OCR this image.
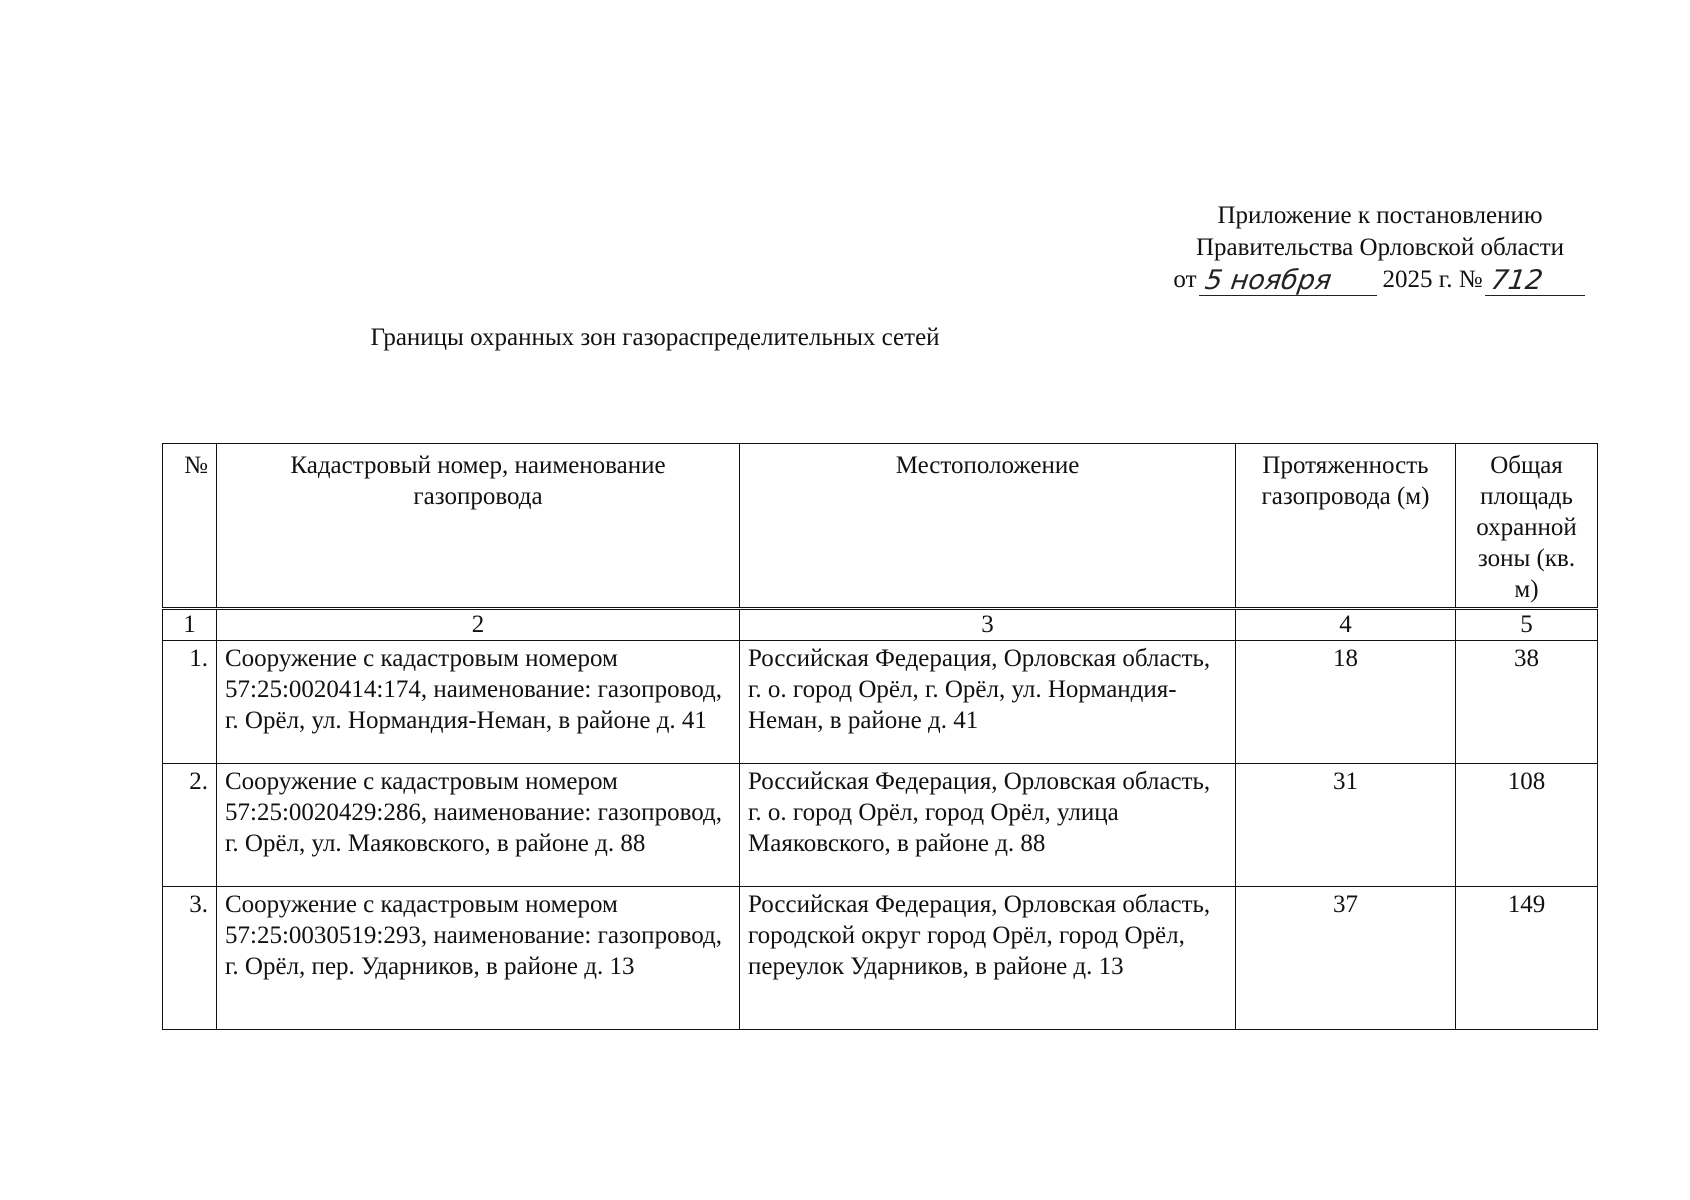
Приложение к постановлению
Правительства Орловской области
от 5 ноября	2025 г. № 712
Границы охранных зон газораспределительных сетей
№	Кадастровый номер, наименование газопровода	Местоположение	Протяженность газопровода (м)	Общая площадь охранной зоны (кв. м)
1	2	3	4	5
1.	Сооружение с кадастровым номером 57:25:0020414:174, наименование: газопровод, г. Орёл, ул. Нормандия-Неман, в районе д. 41	Российская Федерация, Орловская область, г. о. город Орёл, г. Орёл, ул. Нормандия-Неман, в районе д. 41	18	38
2.	Сооружение с кадастровым номером 57:25:0020429:286, наименование: газопровод, г. Орёл, ул. Маяковского, в районе д. 88	Российская Федерация, Орловская область, г. о. город Орёл, город Орёл, улица Маяковского, в районе д. 88	31	108
3.	Сооружение с кадастровым номером 57:25:0030519:293, наименование: газопровод, г. Орёл, пер. Ударников, в районе д. 13	Российская Федерация, Орловская область, городской округ город Орёл, город Орёл, переулок Ударников, в районе д. 13	37	149
